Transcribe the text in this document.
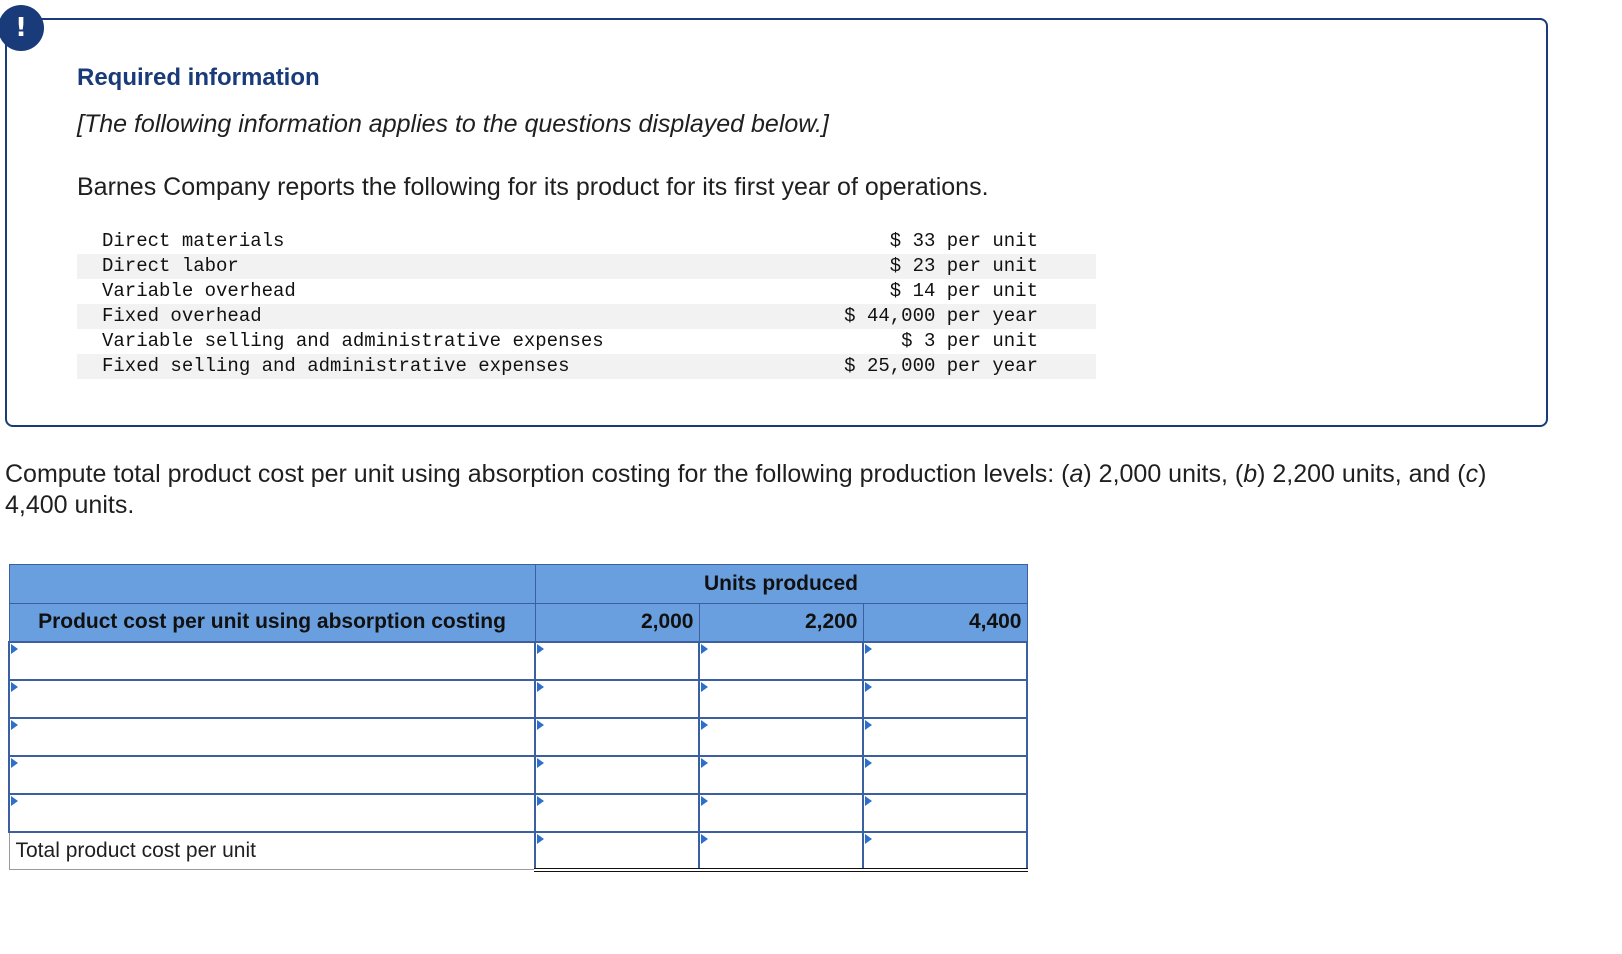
!
Required information
[The following information applies to the questions displayed below.]
Barnes Company reports the following for its product for its first year of operations.
Direct materials	$ 33 per unit
Direct labor	$ 23 per unit
Variable overhead	$ 14 per unit
Fixed overhead	$ 44,000 per year
Variable selling and administrative expenses	$ 3 per unit
Fixed selling and administrative expenses	$ 25,000 per year
Compute total product cost per unit using absorption costing for the following production levels: (a) 2,000 units, (b) 2,200 units, and (c) 4,400 units.
	Units produced		
Product cost per unit using absorption costing	2,000	2,200	4,400

Total product cost per unit			
